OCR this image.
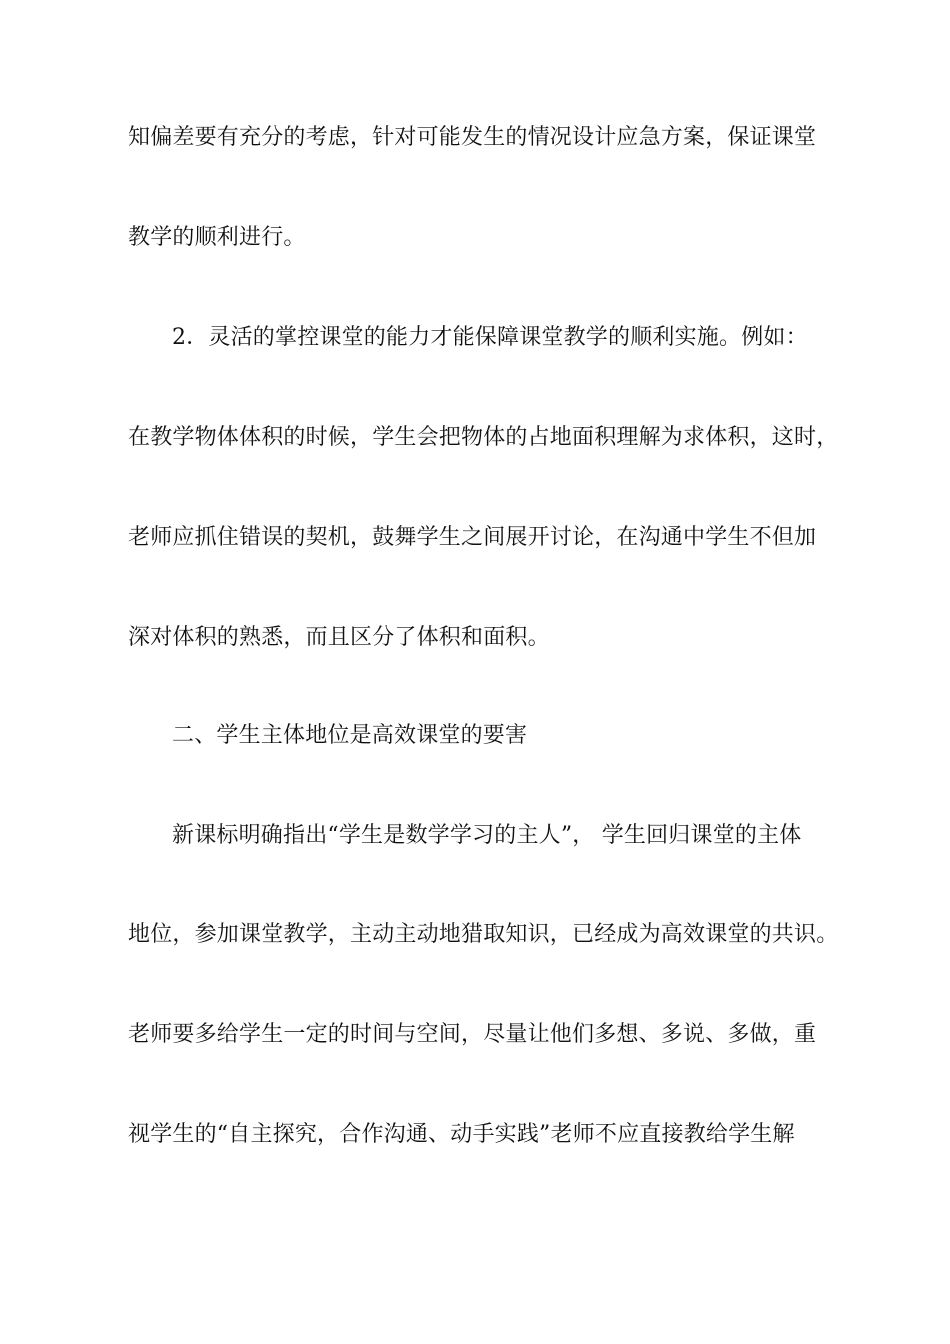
知偏差要有充分的考虑，针对可能发生的情况设计应急方案，保证课堂

教学的顺利进行。

2．灵活的掌控课堂的能力才能保障课堂教学的顺利实施。例如：

在教学物体体积的时候，学生会把物体的占地面积理解为求体积，这时，

老师应抓住错误的契机，鼓舞学生之间展开讨论，在沟通中学生不但加

深对体积的熟悉，而且区分了体积和面积。

二、学生主体地位是高效课堂的要害

新课标明确指出“学生是数学学习的主人”， 学生回归课堂的主体

地位，参加课堂教学，主动主动地猎取知识，已经成为高效课堂的共识。

老师要多给学生一定的时间与空间，尽量让他们多想、多说、多做，重

视学生的“自主探究，合作沟通、动手实践”老师不应直接教给学生解
